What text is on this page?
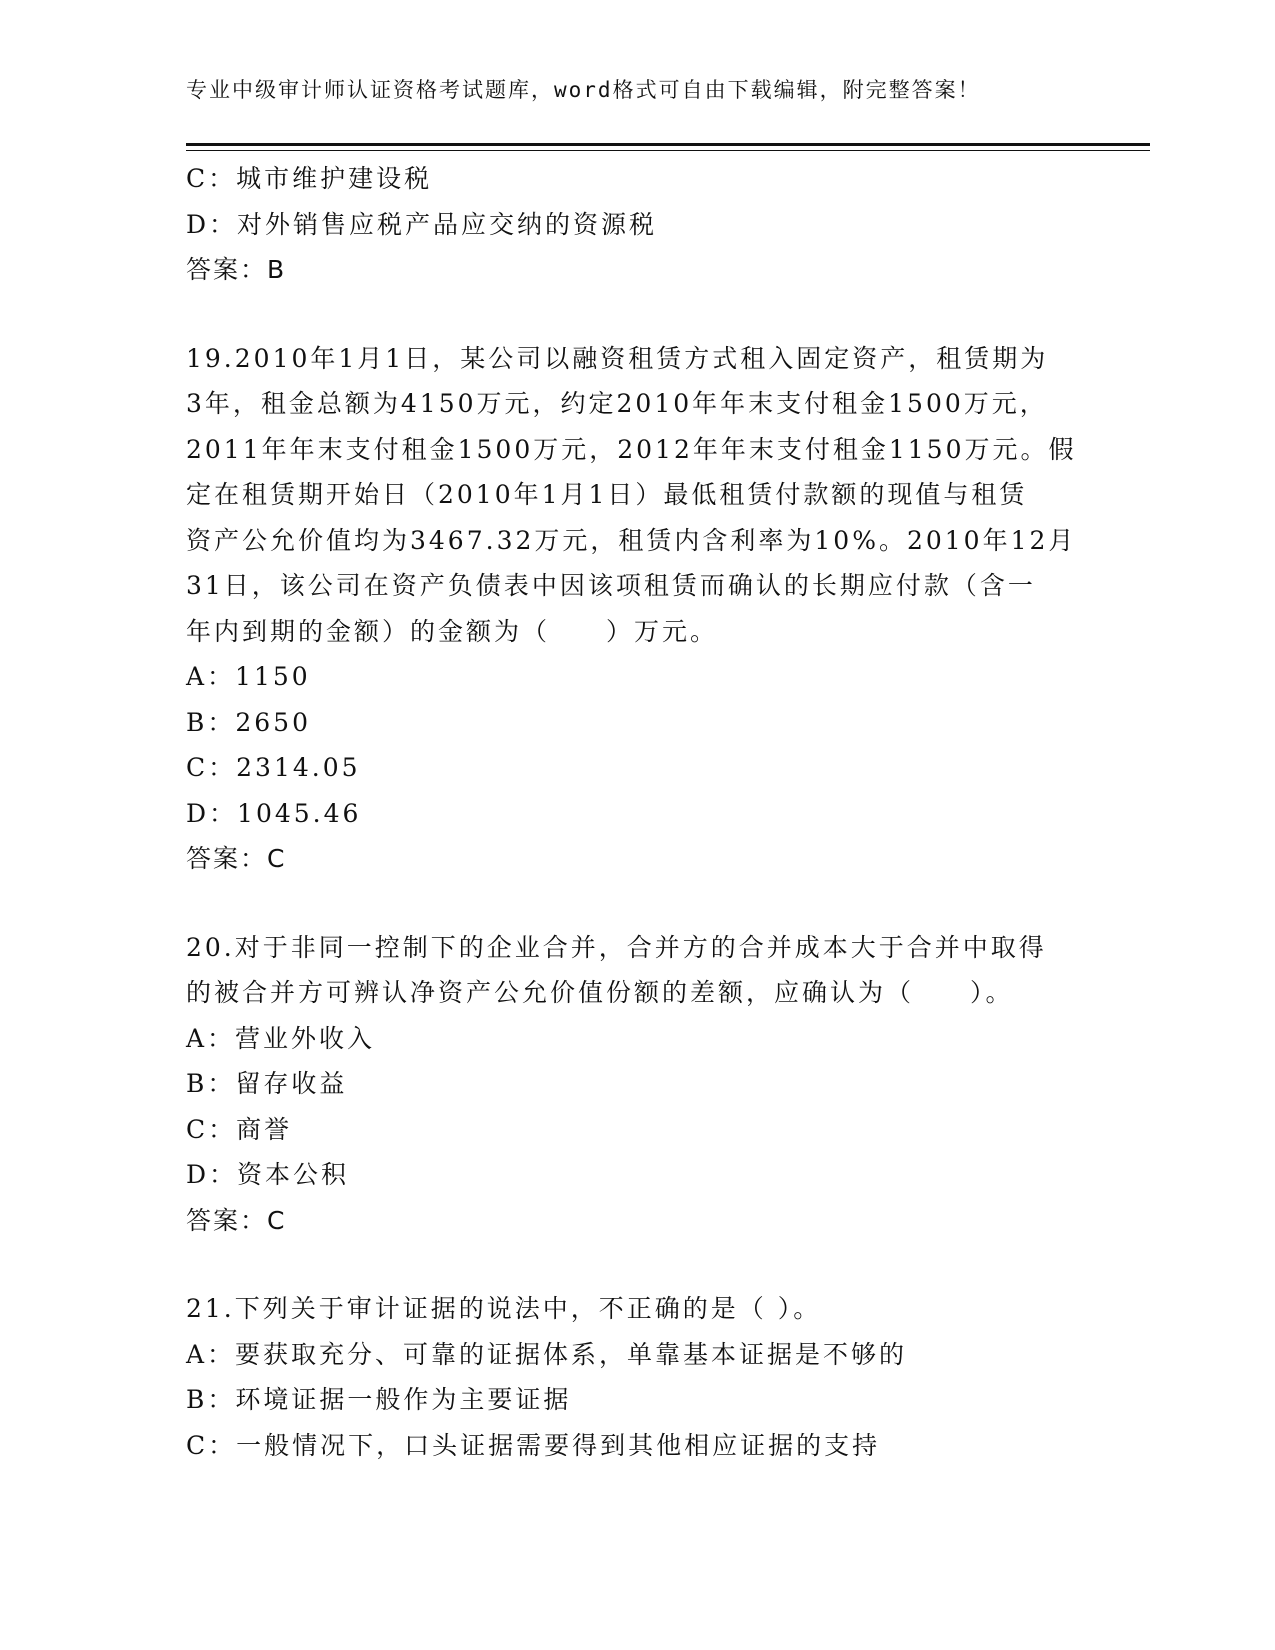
专业中级审计师认证资格考试题库，word格式可自由下载编辑，附完整答案！
C：城市维护建设税
D：对外销售应税产品应交纳的资源税
答案：B
19.2010年1月1日，某公司以融资租赁方式租入固定资产，租赁期为
3年，租金总额为4150万元，约定2010年年末支付租金1500万元，
2011年年末支付租金1500万元，2012年年末支付租金1150万元。假
定在租赁期开始日（2010年1月1日）最低租赁付款额的现值与租赁
资产公允价值均为3467.32万元，租赁内含利率为10%。2010年12月
31日，该公司在资产负债表中因该项租赁而确认的长期应付款（含一
年内到期的金额）的金额为（　　）万元。
A：1150
B：2650
C：2314.05
D：1045.46
答案：C
20.对于非同一控制下的企业合并，合并方的合并成本大于合并中取得
的被合并方可辨认净资产公允价值份额的差额，应确认为（　　）。
A：营业外收入
B：留存收益
C：商誉
D：资本公积
答案：C
21.下列关于审计证据的说法中，不正确的是（ ）。
A：要获取充分、可靠的证据体系，单靠基本证据是不够的
B：环境证据一般作为主要证据
C：一般情况下，口头证据需要得到其他相应证据的支持
